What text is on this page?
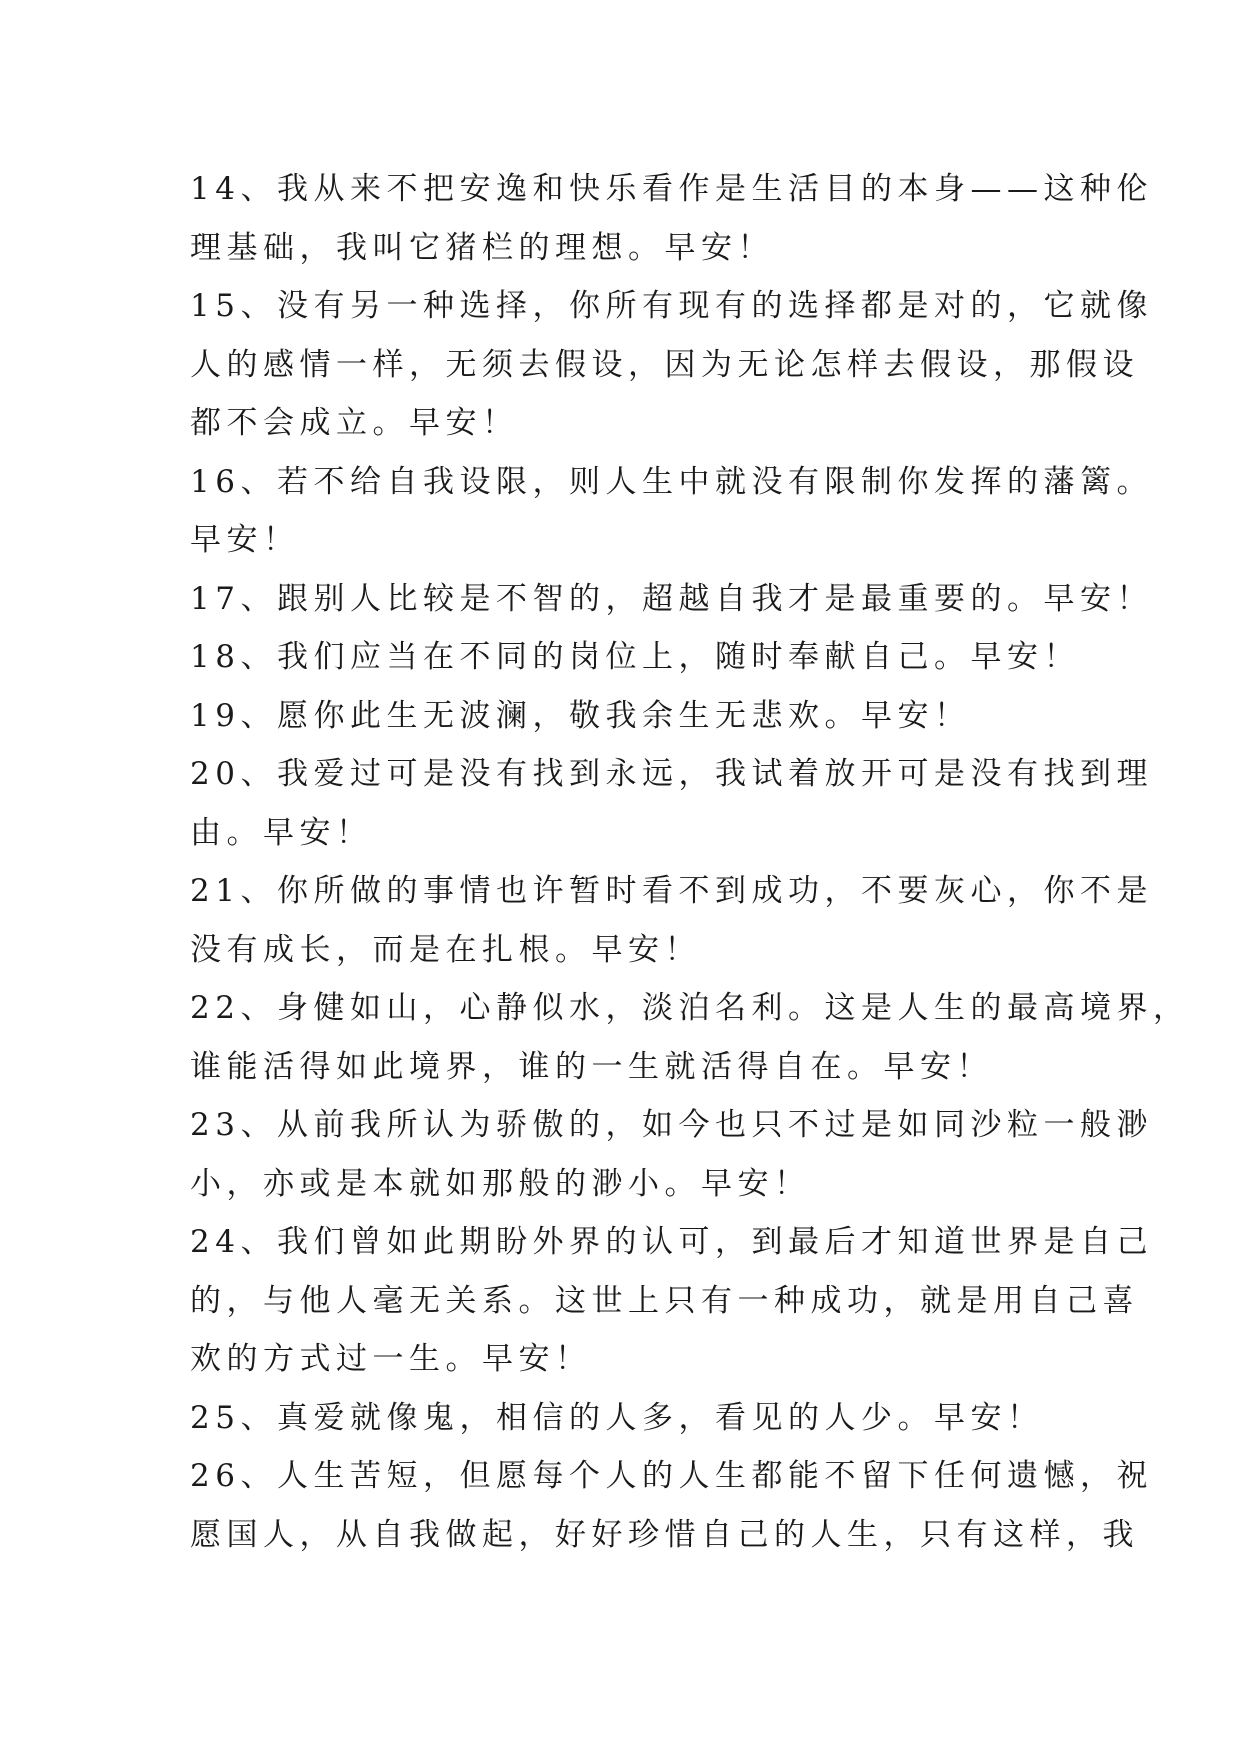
14、我从来不把安逸和快乐看作是生活目的本身——这种伦
理基础，我叫它猪栏的理想。早安！
15、没有另一种选择，你所有现有的选择都是对的，它就像
人的感情一样，无须去假设，因为无论怎样去假设，那假设
都不会成立。早安！
16、若不给自我设限，则人生中就没有限制你发挥的藩篱。
早安！
17、跟别人比较是不智的，超越自我才是最重要的。早安！
18、我们应当在不同的岗位上，随时奉献自己。早安！
19、愿你此生无波澜，敬我余生无悲欢。早安！
20、我爱过可是没有找到永远，我试着放开可是没有找到理
由。早安！
21、你所做的事情也许暂时看不到成功，不要灰心，你不是
没有成长，而是在扎根。早安！
22、身健如山，心静似水，淡泊名利。这是人生的最高境界，
谁能活得如此境界，谁的一生就活得自在。早安！
23、从前我所认为骄傲的，如今也只不过是如同沙粒一般渺
小，亦或是本就如那般的渺小。早安！
24、我们曾如此期盼外界的认可，到最后才知道世界是自己
的，与他人毫无关系。这世上只有一种成功，就是用自己喜
欢的方式过一生。早安！
25、真爱就像鬼，相信的人多，看见的人少。早安！
26、人生苦短，但愿每个人的人生都能不留下任何遗憾，祝
愿国人，从自我做起，好好珍惜自己的人生，只有这样，我
